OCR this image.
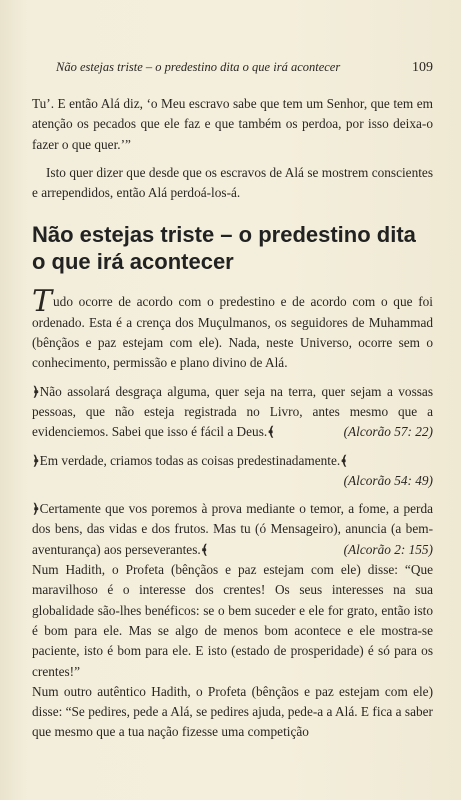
Não estejas triste – o predestino dita o que irá acontecer	109

Tu’. E então Alá diz, ‘o Meu escravo sabe que tem um Senhor, que tem em atenção os pecados que ele faz e que também os perdoa, por isso deixa-o fazer o que quer.’”

Isto quer dizer que desde que os escravos de Alá se mostrem conscientes e arrependidos, então Alá perdoá-los-á.

Não estejas triste – o predestino dita o que irá acontecer

Tudo ocorre de acordo com o predestino e de acordo com o que foi ordenado. Esta é a crença dos Muçulmanos, os seguidores de Muhammad (bênçãos e paz estejam com ele). Nada, neste Universo, ocorre sem o conhecimento, permissão e plano divino de Alá.

﴿Não assolará desgraça alguma, quer seja na terra, quer sejam a vossas pessoas, que não esteja registrada no Livro, antes mesmo que a evidenciemos. Sabei que isso é fácil a Deus.﴾	(Alcorão 57: 22)

﴿Em verdade, criamos todas as coisas predestinadamente.﴾

(Alcorão 54: 49)

﴿Certamente que vos poremos à prova mediante o temor, a fome, a perda dos bens, das vidas e dos frutos. Mas tu (ó Mensageiro), anuncia (a bem-aventurança) aos perseverantes.﴾	(Alcorão 2: 155)

Num Hadith, o Profeta (bênçãos e paz estejam com ele) disse: “Que maravilhoso é o interesse dos crentes! Os seus interesses na sua globalidade são-lhes benéficos: se o bem suceder e ele for grato, então isto é bom para ele. Mas se algo de menos bom acontece e ele mostra-se paciente, isto é bom para ele. E isto (estado de prosperidade) é só para os crentes!”

Num outro autêntico Hadith, o Profeta (bênçãos e paz estejam com ele) disse: “Se pedires, pede a Alá, se pedires ajuda, pede-a a Alá. E fica a saber que mesmo que a tua nação fizesse uma competição
